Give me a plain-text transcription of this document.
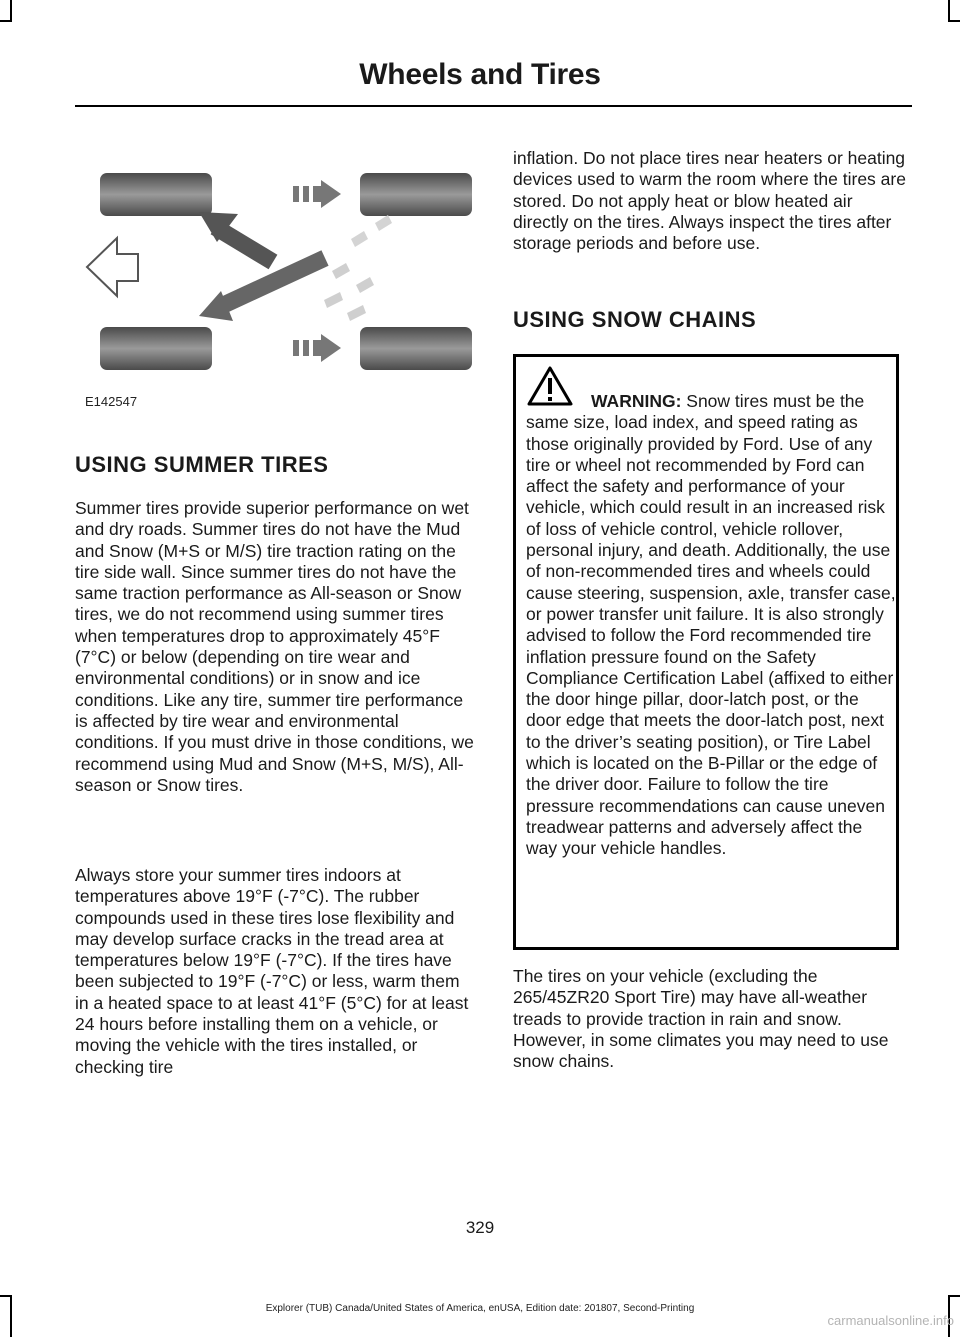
Wheels and Tires
E142547
USING SUMMER TIRES

Summer tires provide superior performance on wet and dry roads. Summer tires do not have the Mud and Snow (M+S or M/S) tire traction rating on the tire side wall. Since summer tires do not have the same traction performance as All-season or Snow tires, we do not recommend using summer tires when temperatures drop to approximately 45°F (7°C) or below (depending on tire wear and environmental conditions) or in snow and ice conditions. Like any tire, summer tire performance is affected by tire wear and environmental conditions. If you must drive in those conditions, we recommend using Mud and Snow (M+S, M/S), All-season or Snow tires.

Always store your summer tires indoors at temperatures above 19°F (-7°C). The rubber compounds used in these tires lose flexibility and may develop surface cracks in the tread area at temperatures below 19°F (-7°C). If the tires have been subjected to 19°F (-7°C) or less, warm them in a heated space to at least 41°F (5°C) for at least 24 hours before installing them on a vehicle, or moving the vehicle with the tires installed, or checking tire

inflation. Do not place tires near heaters or heating devices used to warm the room where the tires are stored. Do not apply heat or blow heated air directly on the tires. Always inspect the tires after storage periods and before use.

USING SNOW CHAINS

WARNING: Snow tires must be the same size, load index, and speed rating as those originally provided by Ford. Use of any tire or wheel not recommended by Ford can affect the safety and performance of your vehicle, which could result in an increased risk of loss of vehicle control, vehicle rollover, personal injury, and death. Additionally, the use of non-recommended tires and wheels could cause steering, suspension, axle, transfer case, or power transfer unit failure. It is also strongly advised to follow the Ford recommended tire inflation pressure found on the Safety Compliance Certification Label (affixed to either the door hinge pillar, door-latch post, or the door edge that meets the door-latch post, next to the driver’s seating position), or Tire Label which is located on the B-Pillar or the edge of the driver door. Failure to follow the tire pressure recommendations can cause uneven treadwear patterns and adversely affect the way your vehicle handles.

The tires on your vehicle (excluding the 265/45ZR20 Sport Tire) may have all-weather treads to provide traction in rain and snow. However, in some climates you may need to use snow chains.

329
Explorer (TUB) Canada/United States of America, enUSA, Edition date: 201807, Second-Printing
carmanualsonline.info
